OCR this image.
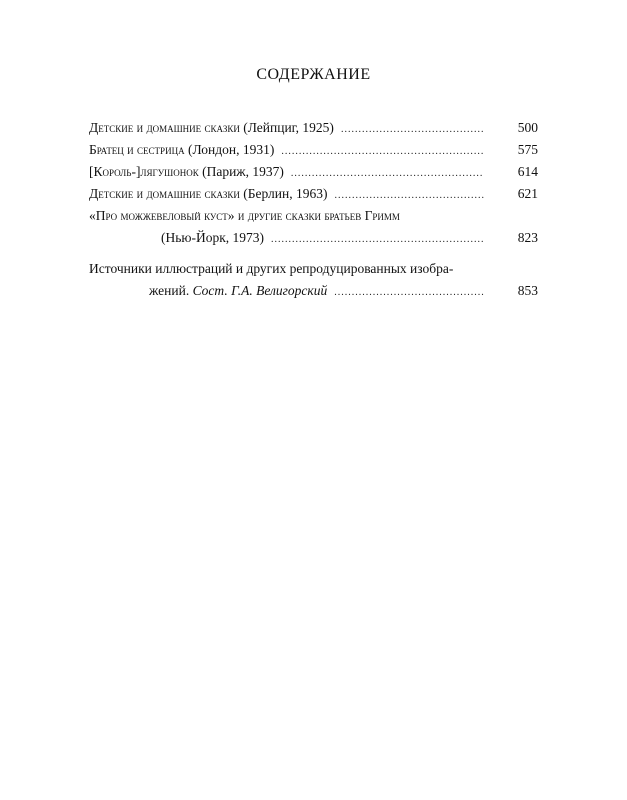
СОДЕРЖАНИЕ
Детские и домашние сказки (Лейпциг, 1925) .....	500
Братец и сестрица (Лондон, 1931) .....	575
[Король-]лягушонок (Париж, 1937) .....	614
Детские и домашние сказки (Берлин, 1963) .....	621
«Про можжевеловый куст» и другие сказки братьев Гримм
(Нью-Йорк, 1973) .....	823
Источники иллюстраций и других репродуцированных изобра-
жений. Сост. Г.А. Велигорский .....	853
